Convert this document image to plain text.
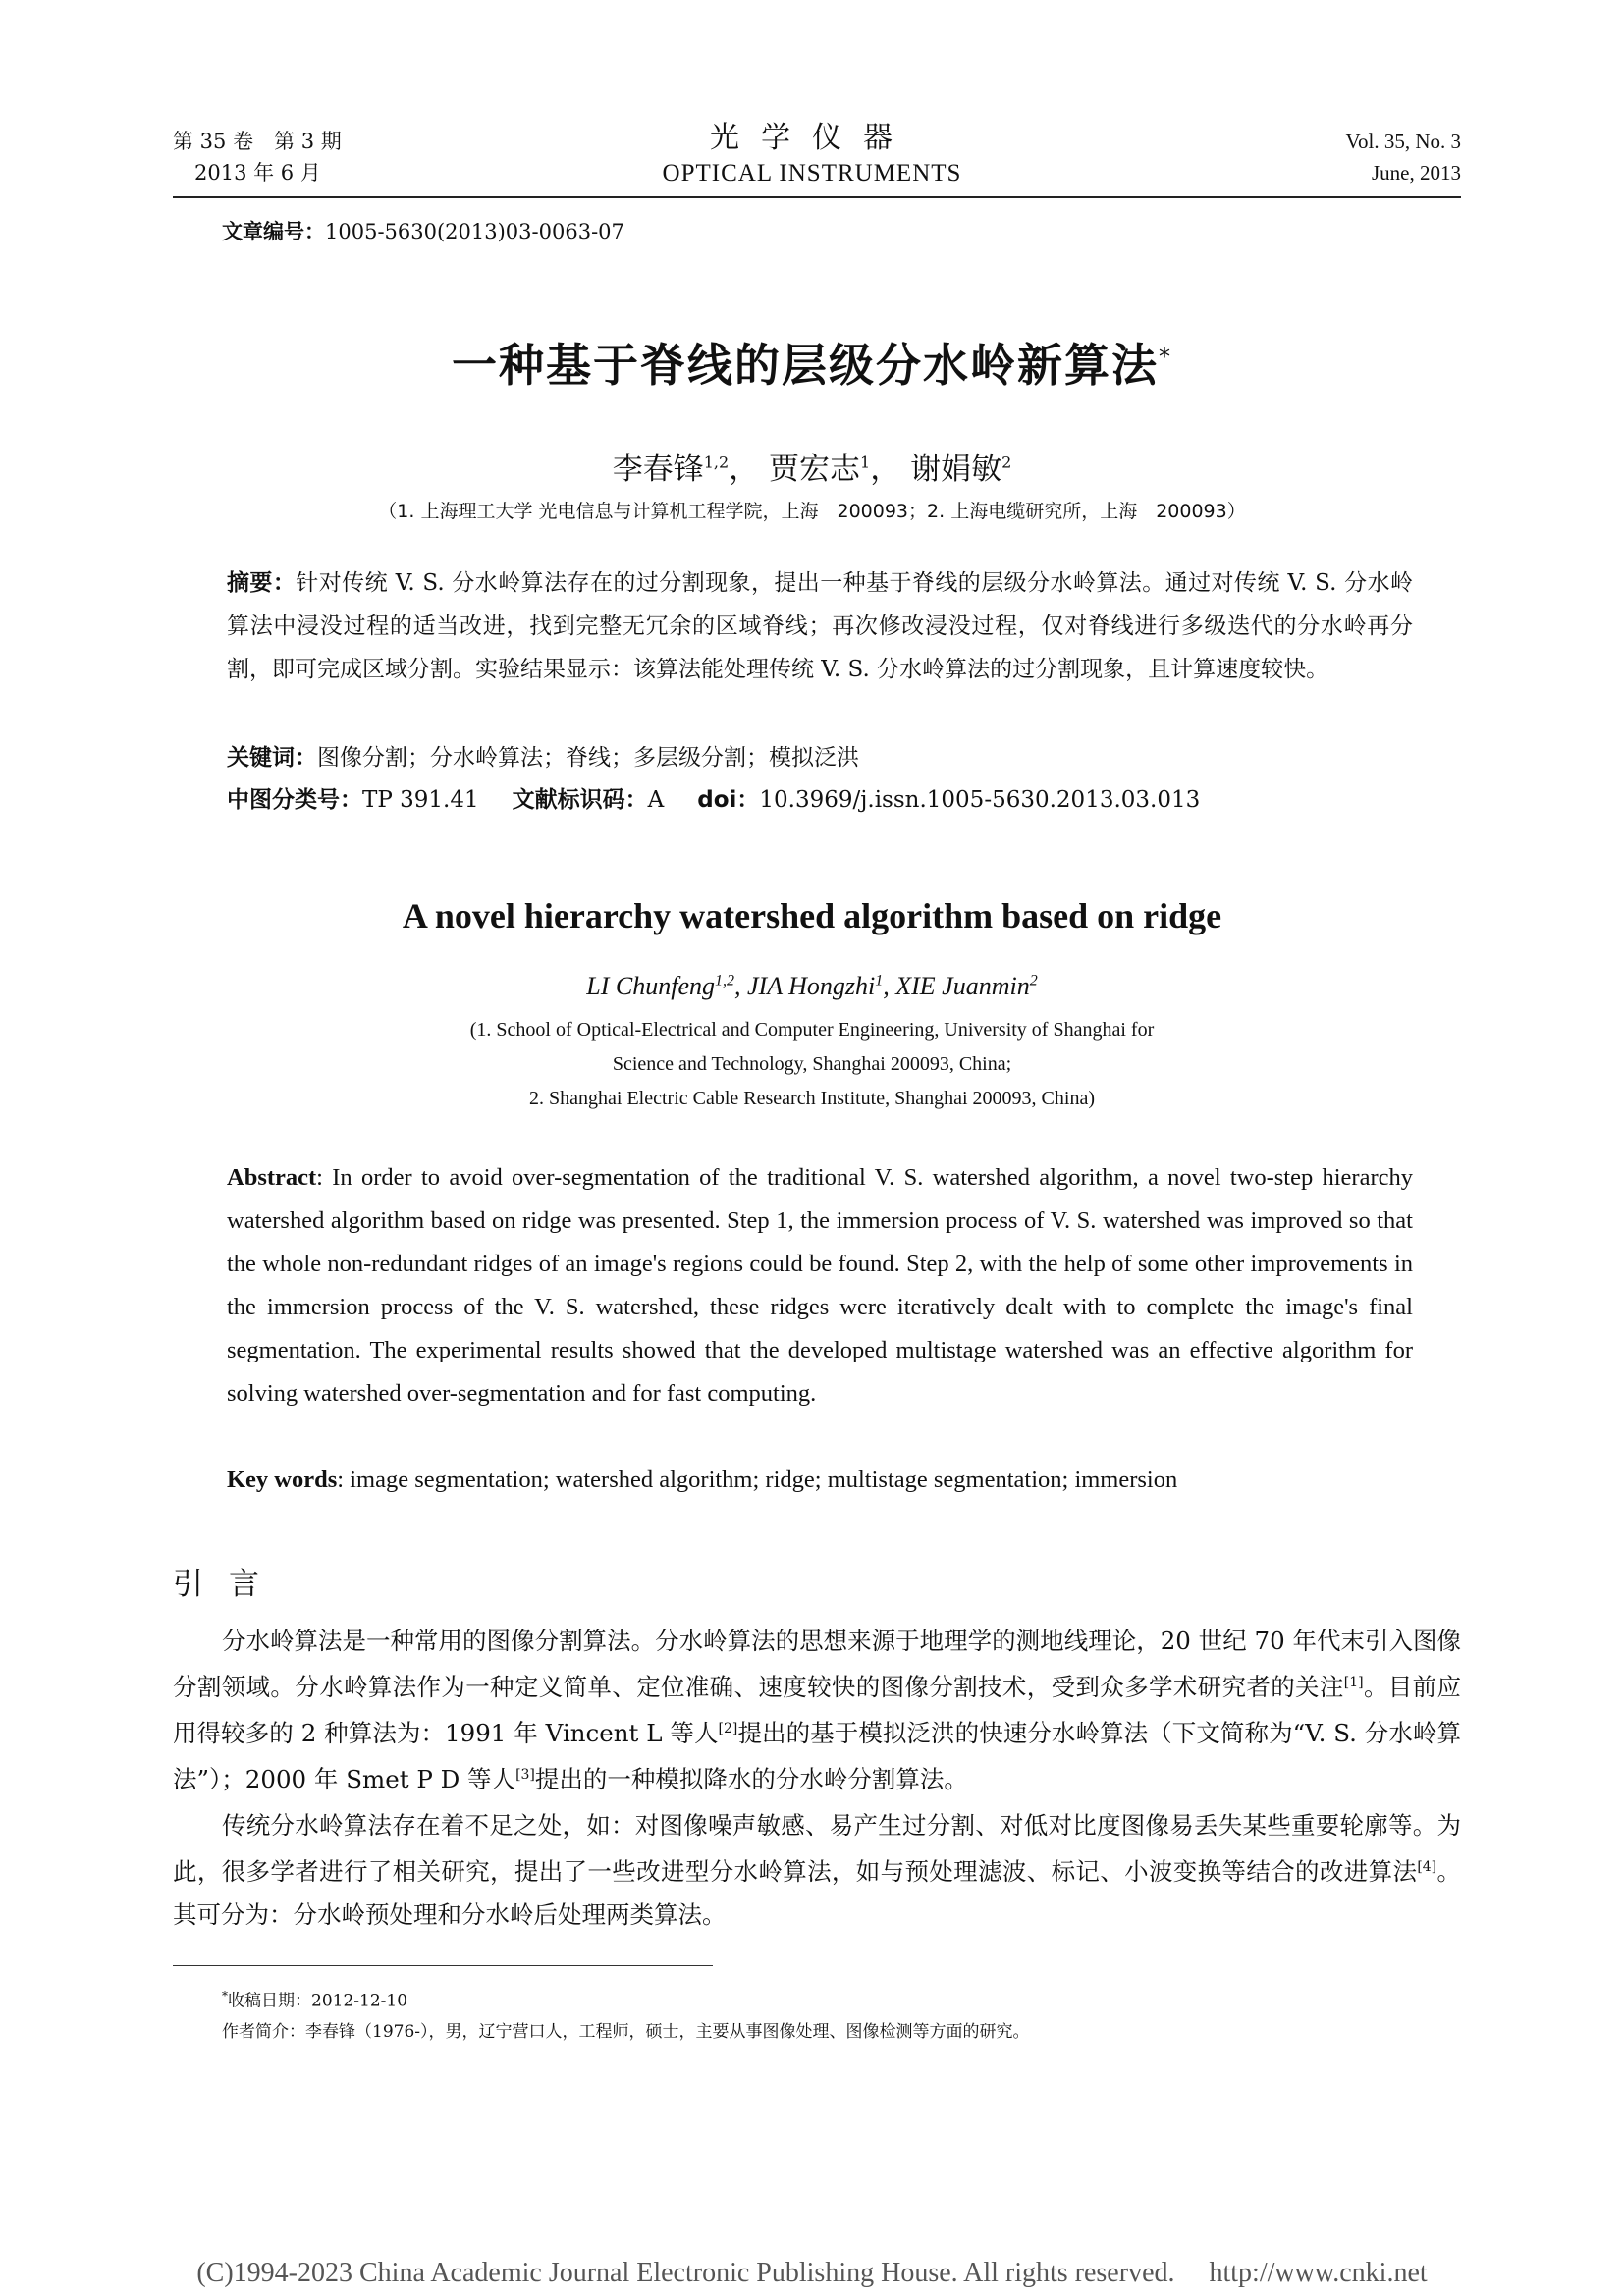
第 35 卷　第 3 期
2013 年 6 月
光学仪器
OPTICAL INSTRUMENTS
Vol. 35, No. 3
June, 2013
文章编号：1005-5630(2013)03-0063-07
一种基于脊线的层级分水岭新算法*
李春锋$^{1,2}$， 贾宏志$^1$， 谢娟敏$^2$
（1. 上海理工大学 光电信息与计算机工程学院，上海　200093；2. 上海电缆研究所，上海　200093）
摘要：针对传统 V. S. 分水岭算法存在的过分割现象，提出一种基于脊线的层级分水岭算法。通过对传统 V. S. 分水岭算法中浸没过程的适当改进，找到完整无冗余的区域脊线；再次修改浸没过程，仅对脊线进行多级迭代的分水岭再分割，即可完成区域分割。实验结果显示：该算法能处理传统 V. S. 分水岭算法的过分割现象，且计算速度较快。
关键词：图像分割；分水岭算法；脊线；多层级分割；模拟泛洪
中图分类号：TP 391.41 文献标识码：A doi：10.3969/j.issn.1005-5630.2013.03.013
A novel hierarchy watershed algorithm based on ridge
LI Chunfeng$^{1,2}$, JIA Hongzhi$^1$, XIE Juanmin$^2$
(1. School of Optical-Electrical and Computer Engineering, University of Shanghai for
Science and Technology, Shanghai 200093, China;
2. Shanghai Electric Cable Research Institute, Shanghai 200093, China)
Abstract: In order to avoid over-segmentation of the traditional V. S. watershed algorithm, a novel two-step hierarchy watershed algorithm based on ridge was presented. Step 1, the immersion process of V. S. watershed was improved so that the whole non-redundant ridges of an image's regions could be found. Step 2, with the help of some other improvements in the immersion process of the V. S. watershed, these ridges were iteratively dealt with to complete the image's final segmentation. The experimental results showed that the developed multistage watershed was an effective algorithm for solving watershed over-segmentation and for fast computing.
Key words: image segmentation; watershed algorithm; ridge; multistage segmentation; immersion
引言

分水岭算法是一种常用的图像分割算法。分水岭算法的思想来源于地理学的测地线理论，20 世纪 70 年代末引入图像分割领域。分水岭算法作为一种定义简单、定位准确、速度较快的图像分割技术，受到众多学术研究者的关注[1]。目前应用得较多的 2 种算法为：1991 年 Vincent L 等人[2]提出的基于模拟泛洪的快速分水岭算法（下文简称为“V. S. 分水岭算法”）；2000 年 Smet P D 等人[3]提出的一种模拟降水的分水岭分割算法。

传统分水岭算法存在着不足之处，如：对图像噪声敏感、易产生过分割、对低对比度图像易丢失某些重要轮廓等。为此，很多学者进行了相关研究，提出了一些改进型分水岭算法，如与预处理滤波、标记、小波变换等结合的改进算法[4]。其可分为：分水岭预处理和分水岭后处理两类算法。

*收稿日期：2012-12-10
作者简介：李春锋（1976-），男，辽宁营口人，工程师，硕士，主要从事图像处理、图像检测等方面的研究。
(C)1994-2023 China Academic Journal Electronic Publishing House. All rights reserved.　 http://www.cnki.net
